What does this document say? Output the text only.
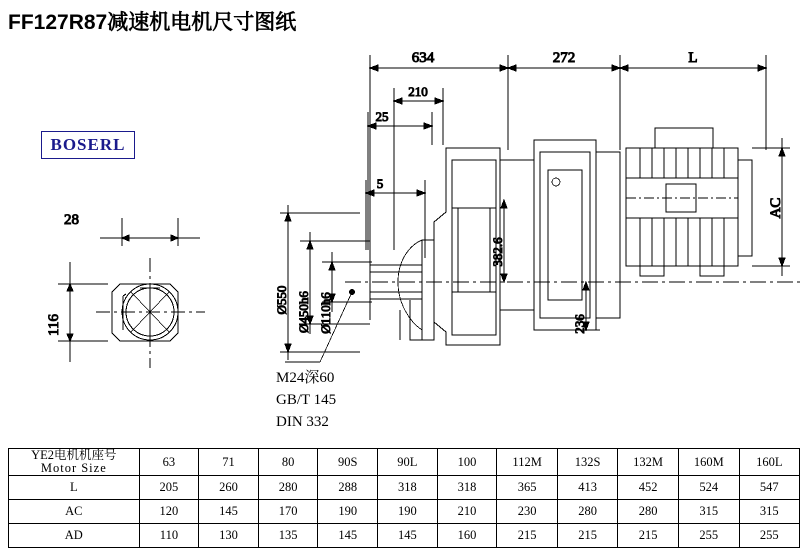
FF127R87减速机电机尺寸图纸
BOSERL
28
116
634	272	L
210
25
5
Ø550 Ø450h6 Ø110h6
AC
382.6
236
M24深60
GB/T 145
DIN 332
YE2电机机座号
Motor Size	63	71	80	90S	90L	100	112M	132S	132M	160M	160L
L	205	260	280	288	318	318	365	413	452	524	547
AC	120	145	170	190	190	210	230	280	280	315	315
AD	110	130	135	145	145	160	215	215	215	255	255
